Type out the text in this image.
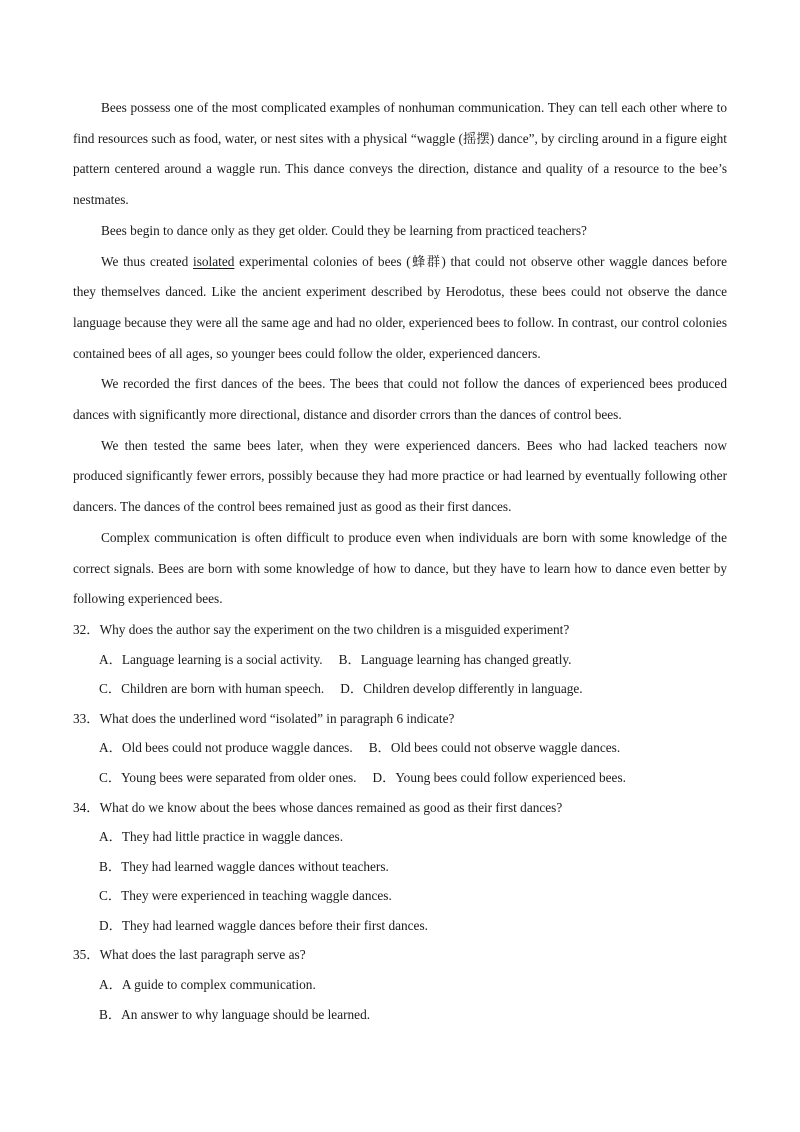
Bees possess one of the most complicated examples of nonhuman communication. They can tell each other where to find resources such as food, water, or nest sites with a physical “waggle (摇摆) dance”, by circling around in a figure eight pattern centered around a waggle run. This dance conveys the direction, distance and quality of a resource to the bee’s nestmates.

Bees begin to dance only as they get older. Could they be learning from practiced teachers?

We thus created isolated experimental colonies of bees (蜂群) that could not observe other waggle dances before they themselves danced. Like the ancient experiment described by Herodotus, these bees could not observe the dance language because they were all the same age and had no older, experienced bees to follow. In contrast, our control colonies contained bees of all ages, so younger bees could follow the older, experienced dancers.

We recorded the first dances of the bees. The bees that could not follow the dances of experienced bees produced dances with significantly more directional, distance and disorder crrors than the dances of control bees.

We then tested the same bees later, when they were experienced dancers. Bees who had lacked teachers now produced significantly fewer errors, possibly because they had more practice or had learned by eventually following other dancers. The dances of the control bees remained just as good as their first dances.

Complex communication is often difficult to produce even when individuals are born with some knowledge of the correct signals. Bees are born with some knowledge of how to dance, but they have to learn how to dance even better by following experienced bees.

32．Why does the author say the experiment on the two children is a misguided experiment?

A．Language learning is a social activity. B．Language learning has changed greatly.

C．Children are born with human speech. D．Children develop differently in language.

33．What does the underlined word “isolated” in paragraph 6 indicate?

A．Old bees could not produce waggle dances. B．Old bees could not observe waggle dances.

C．Young bees were separated from older ones. D．Young bees could follow experienced bees.

34．What do we know about the bees whose dances remained as good as their first dances?

A．They had little practice in waggle dances.

B．They had learned waggle dances without teachers.

C．They were experienced in teaching waggle dances.

D．They had learned waggle dances before their first dances.

35．What does the last paragraph serve as?

A．A guide to complex communication.

B．An answer to why language should be learned.
